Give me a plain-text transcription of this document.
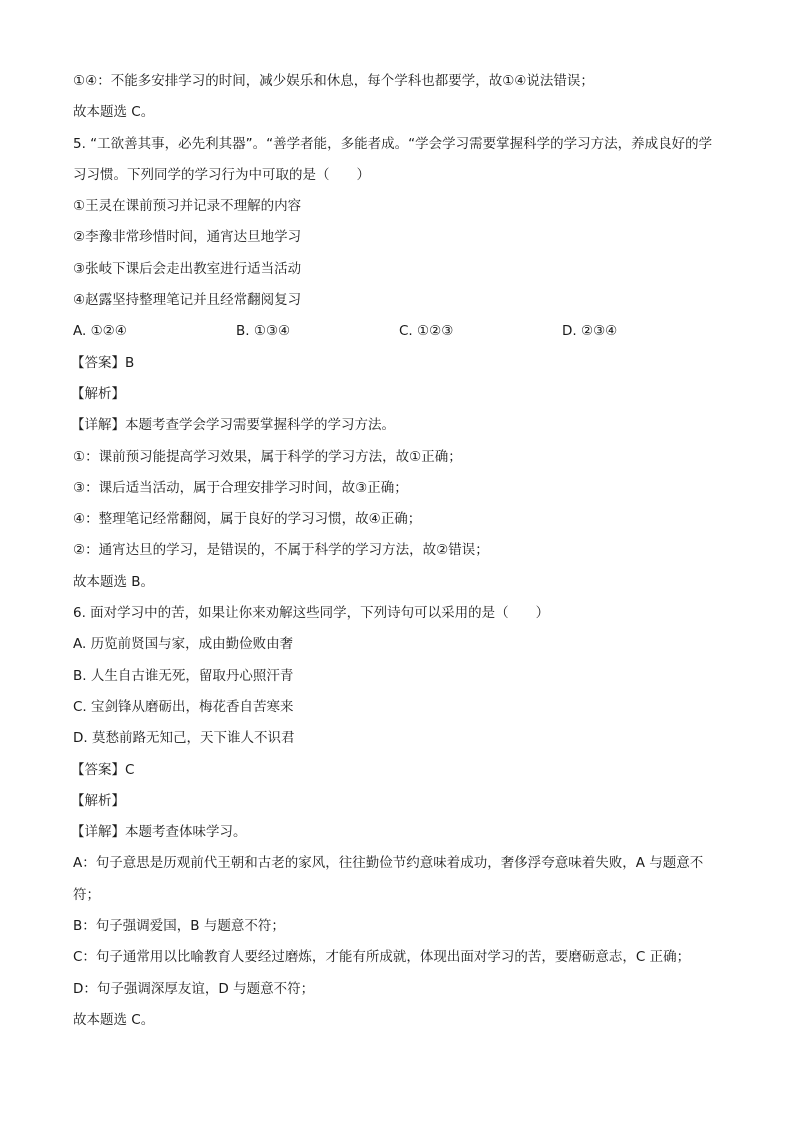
①④：不能多安排学习的时间，减少娱乐和休息，每个学科也都要学，故①④说法错误；
故本题选 C。
5. “工欲善其事，必先利其器”。“善学者能，多能者成。“学会学习需要掌握科学的学习方法，养成良好的学习习惯。下列同学的学习行为中可取的是（　　）
①王灵在课前预习并记录不理解的内容
②李豫非常珍惜时间，通宵达旦地学习
③张岐下课后会走出教室进行适当活动
④赵露坚持整理笔记并且经常翻阅复习
A. ①②④	B. ①③④	C. ①②③	D. ②③④
【答案】B
【解析】
【详解】本题考查学会学习需要掌握科学的学习方法。
①：课前预习能提高学习效果，属于科学的学习方法，故①正确；
③：课后适当活动，属于合理安排学习时间，故③正确；
④：整理笔记经常翻阅，属于良好的学习习惯，故④正确；
②：通宵达旦的学习，是错误的，不属于科学的学习方法，故②错误；
故本题选 B。
6. 面对学习中的苦，如果让你来劝解这些同学，下列诗句可以采用的是（　　）
A. 历览前贤国与家，成由勤俭败由奢
B. 人生自古谁无死，留取丹心照汗青
C. 宝剑锋从磨砺出，梅花香自苦寒来
D. 莫愁前路无知己，天下谁人不识君
【答案】C
【解析】
【详解】本题考查体味学习。
A：句子意思是历观前代王朝和古老的家风，往往勤俭节约意味着成功，奢侈浮夸意味着失败，A 与题意不符；
B：句子强调爱国，B 与题意不符；
C：句子通常用以比喻教育人要经过磨炼，才能有所成就，体现出面对学习的苦，要磨砺意志，C 正确；
D：句子强调深厚友谊，D 与题意不符；
故本题选 C。
